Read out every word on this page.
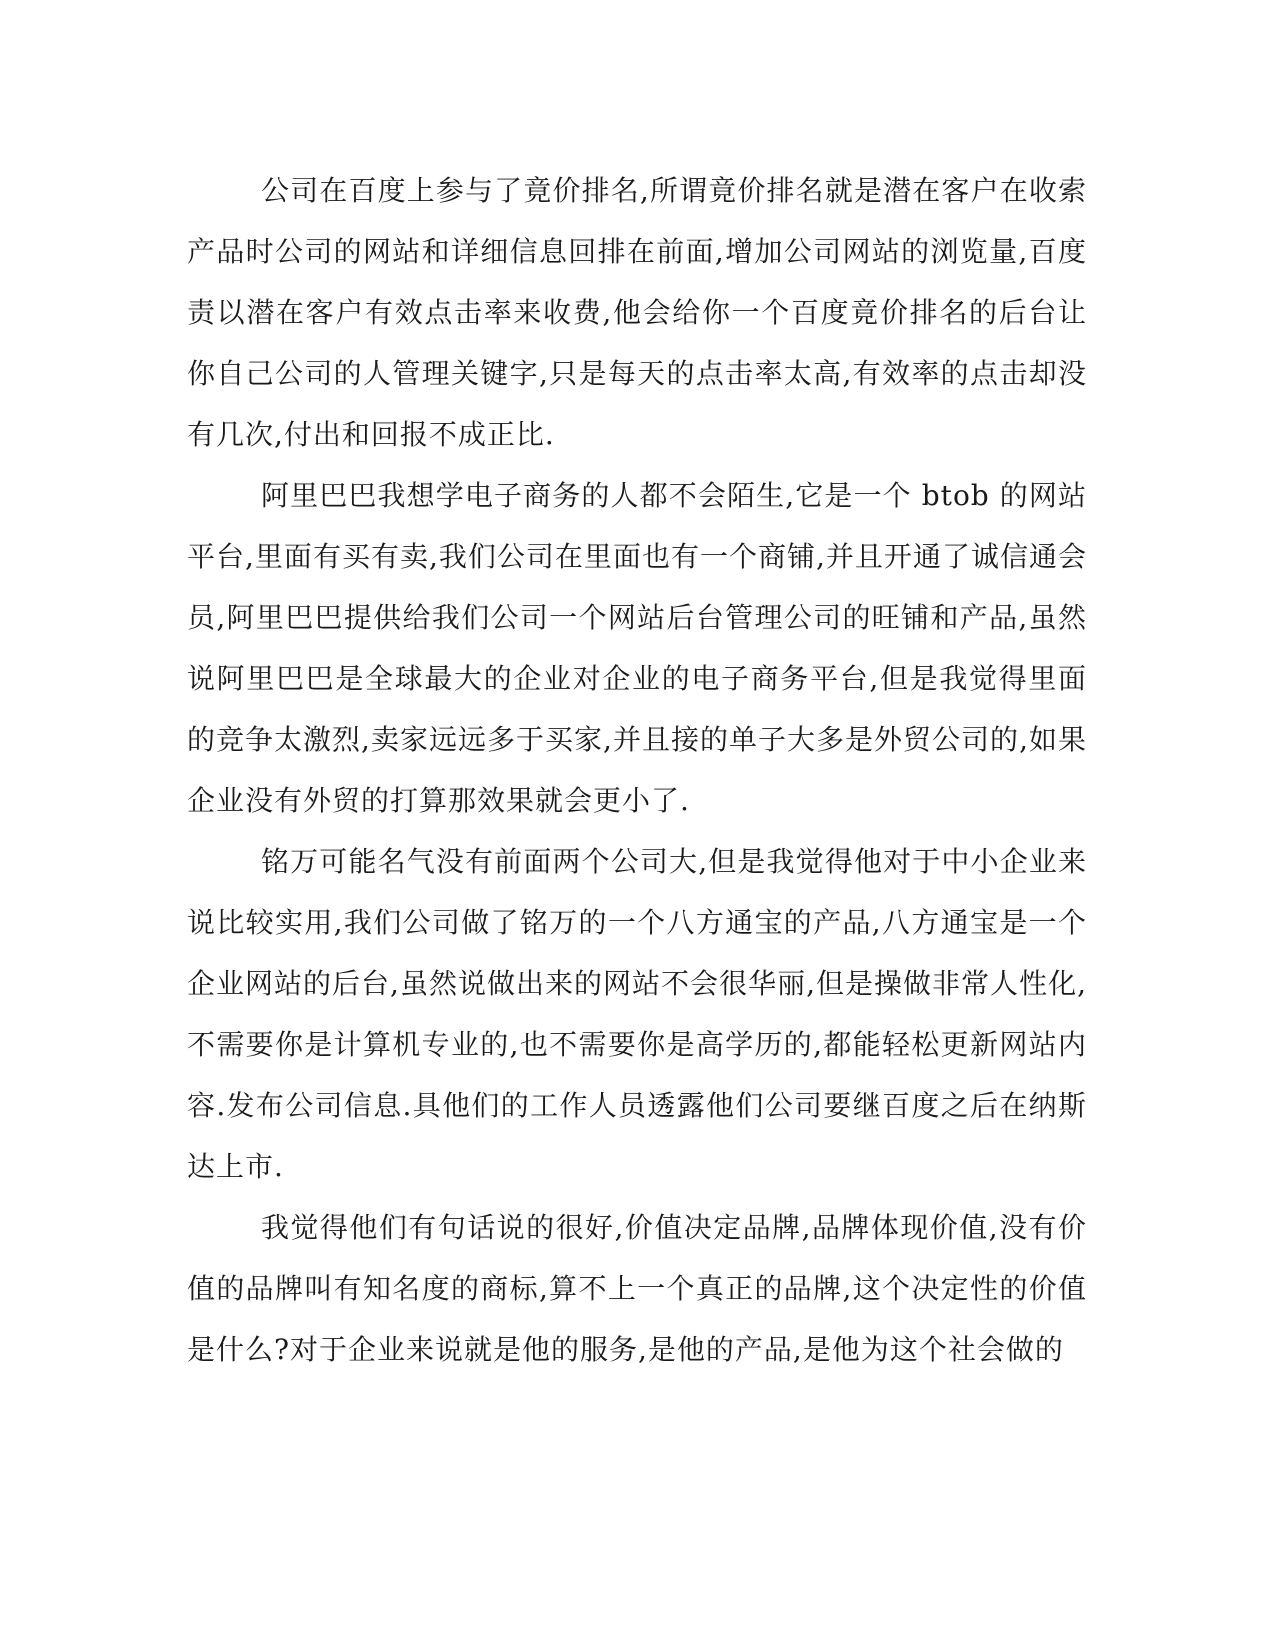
公司在百度上参与了竟价排名,所谓竟价排名就是潜在客户在收索产品时公司的网站和详细信息回排在前面,增加公司网站的浏览量,百度责以潜在客户有效点击率来收费,他会给你一个百度竟价排名的后台让你自己公司的人管理关键字,只是每天的点击率太高,有效率的点击却没有几次,付出和回报不成正比.

阿里巴巴我想学电子商务的人都不会陌生,它是一个 btob 的网站平台,里面有买有卖,我们公司在里面也有一个商铺,并且开通了诚信通会员,阿里巴巴提供给我们公司一个网站后台管理公司的旺铺和产品,虽然说阿里巴巴是全球最大的企业对企业的电子商务平台,但是我觉得里面的竞争太激烈,卖家远远多于买家,并且接的单子大多是外贸公司的,如果企业没有外贸的打算那效果就会更小了.

铭万可能名气没有前面两个公司大,但是我觉得他对于中小企业来说比较实用,我们公司做了铭万的一个八方通宝的产品,八方通宝是一个企业网站的后台,虽然说做出来的网站不会很华丽,但是操做非常人性化,不需要你是计算机专业的,也不需要你是高学历的,都能轻松更新网站内容.发布公司信息.具他们的工作人员透露他们公司要继百度之后在纳斯达上市.

我觉得他们有句话说的很好,价值决定品牌,品牌体现价值,没有价值的品牌叫有知名度的商标,算不上一个真正的品牌,这个决定性的价值是什么?对于企业来说就是他的服务,是他的产品,是他为这个社会做的
